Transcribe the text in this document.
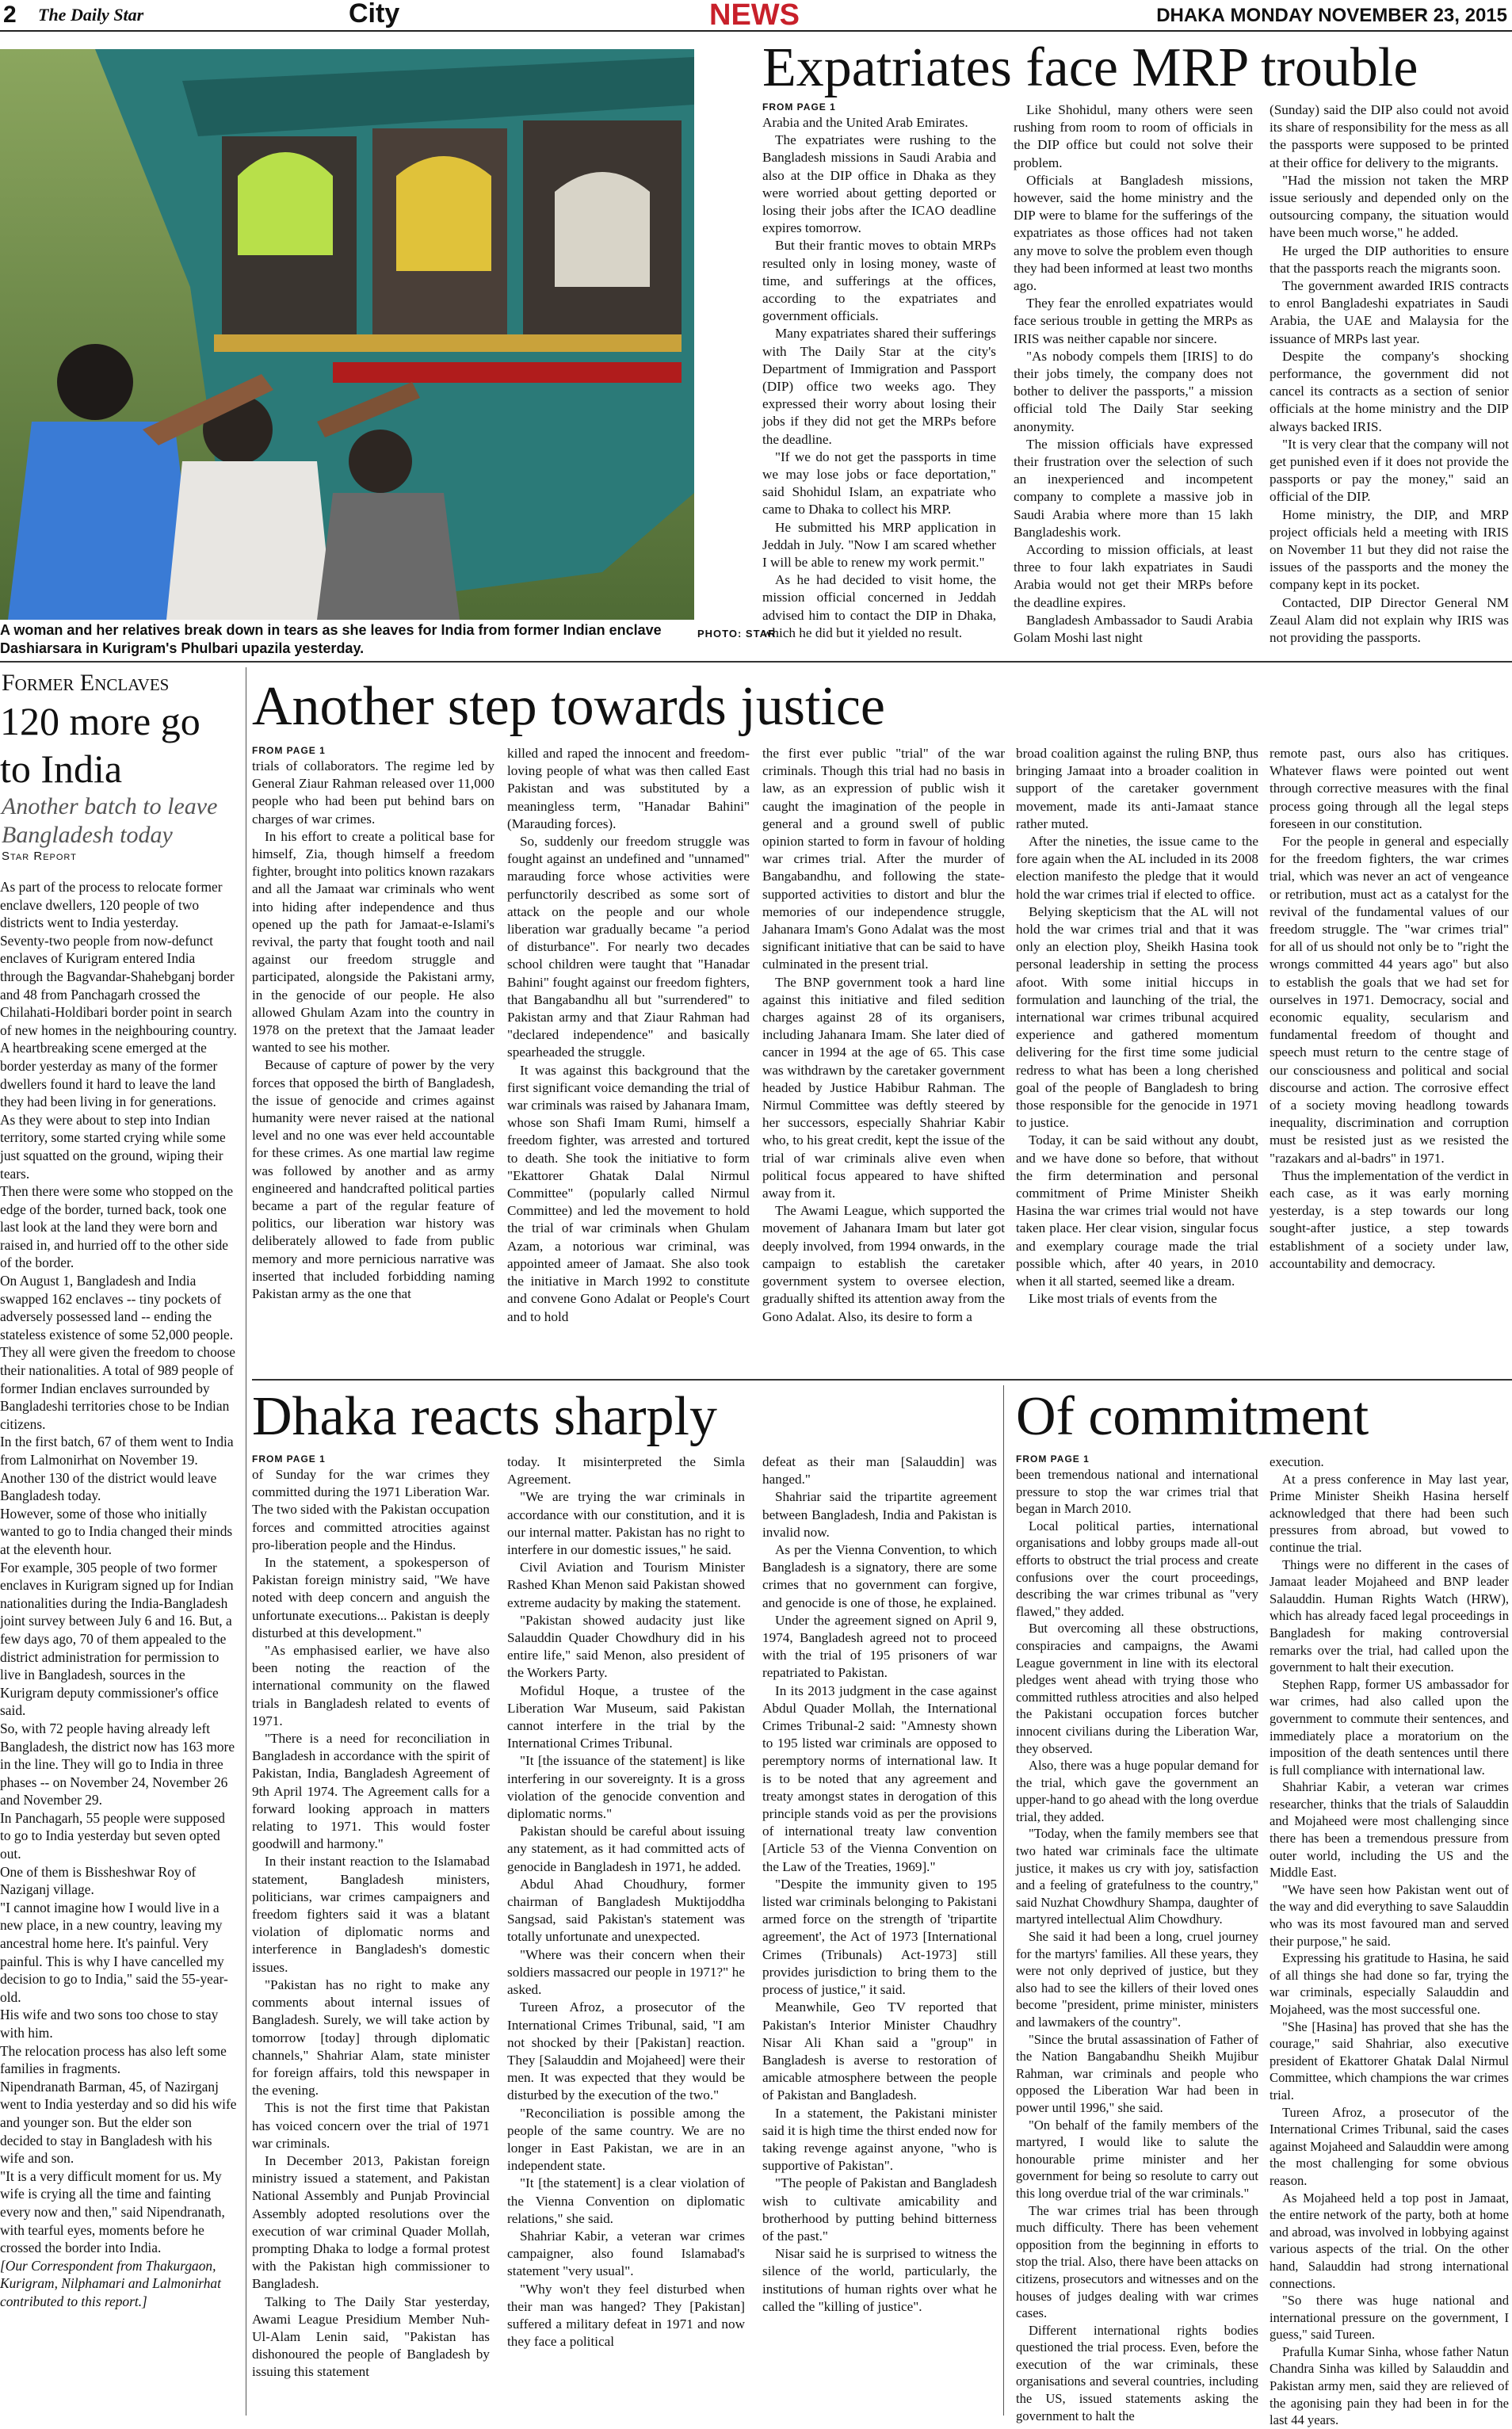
2 The Daily Star	City	NEWS	DHAKA MONDAY NOVEMBER 23, 2015
A woman and her relatives break down in tears as she leaves for India from former Indian enclave Dashiarsara in Kurigram's Phulbari upazila yesterday.
PHOTO: STAR
Expatriates face MRP trouble
FROM PAGE 1

Arabia and the United Arab Emirates.

The expatriates were rushing to the Bangladesh missions in Saudi Arabia and also at the DIP office in Dhaka as they were worried about getting deported or losing their jobs after the ICAO deadline expires tomorrow.

But their frantic moves to obtain MRPs resulted only in losing money, waste of time, and sufferings at the offices, according to the expatriates and government officials.

Many expatriates shared their sufferings with The Daily Star at the city's Department of Immigration and Passport (DIP) office two weeks ago. They expressed their worry about losing their jobs if they did not get the MRPs before the deadline.

"If we do not get the passports in time we may lose jobs or face deportation," said Shohidul Islam, an expatriate who came to Dhaka to collect his MRP.

He submitted his MRP application in Jeddah in July. "Now I am scared whether I will be able to renew my work permit."

As he had decided to visit home, the mission official concerned in Jeddah advised him to contact the DIP in Dhaka, which he did but it yielded no result.

Like Shohidul, many others were seen rushing from room to room of officials in the DIP office but could not solve their problem.

Officials at Bangladesh missions, however, said the home ministry and the DIP were to blame for the sufferings of the expatriates as those offices had not taken any move to solve the problem even though they had been informed at least two months ago.

They fear the enrolled expatriates would face serious trouble in getting the MRPs as IRIS was neither capable nor sincere.

"As nobody compels them [IRIS] to do their jobs timely, the company does not bother to deliver the passports," a mission official told The Daily Star seeking anonymity.

The mission officials have expressed their frustration over the selection of such an inexperienced and incompetent company to complete a massive job in Saudi Arabia where more than 15 lakh Bangladeshis work.

According to mission officials, at least three to four lakh expatriates in Saudi Arabia would not get their MRPs before the deadline expires.

Bangladesh Ambassador to Saudi Arabia Golam Moshi last night

(Sunday) said the DIP also could not avoid its share of responsibility for the mess as all the passports were supposed to be printed at their office for delivery to the migrants.

"Had the mission not taken the MRP issue seriously and depended only on the outsourcing company, the situation would have been much worse," he added.

He urged the DIP authorities to ensure that the passports reach the migrants soon.

The government awarded IRIS contracts to enrol Bangladeshi expatriates in Saudi Arabia, the UAE and Malaysia for the issuance of MRPs last year.

Despite the company's shocking performance, the government did not cancel its contracts as a section of senior officials at the home ministry and the DIP always backed IRIS.

"It is very clear that the company will not get punished even if it does not provide the passports or pay the money," said an official of the DIP.

Home ministry, the DIP, and MRP project officials held a meeting with IRIS on November 11 but they did not raise the issues of the passports and the money the company kept in its pocket.

Contacted, DIP Director General NM Zeaul Alam did not explain why IRIS was not providing the passports.

Former Enclaves
120 more go to India
Another batch to leave Bangladesh today
Star Report

As part of the process to relocate former enclave dwellers, 120 people of two districts went to India yesterday.

Seventy-two people from now-defunct enclaves of Kurigram entered India through the Bagvandar-Shahebganj border and 48 from Panchagarh crossed the Chilahati-Holdibari border point in search of new homes in the neighbouring country.

A heartbreaking scene emerged at the border yesterday as many of the former dwellers found it hard to leave the land they had been living in for generations.

As they were about to step into Indian territory, some started crying while some just squatted on the ground, wiping their tears.

Then there were some who stopped on the edge of the border, turned back, took one last look at the land they were born and raised in, and hurried off to the other side of the border.

On August 1, Bangladesh and India swapped 162 enclaves -- tiny pockets of adversely possessed land -- ending the stateless existence of some 52,000 people. They all were given the freedom to choose their nationalities. A total of 989 people of former Indian enclaves surrounded by Bangladeshi territories chose to be Indian citizens.

In the first batch, 67 of them went to India from Lalmonirhat on November 19. Another 130 of the district would leave Bangladesh today.

However, some of those who initially wanted to go to India changed their minds at the eleventh hour.

For example, 305 people of two former enclaves in Kurigram signed up for Indian nationalities during the India-Bangladesh joint survey between July 6 and 16. But, a few days ago, 70 of them appealed to the district administration for permission to live in Bangladesh, sources in the Kurigram deputy commissioner's office said.

So, with 72 people having already left Bangladesh, the district now has 163 more in the line. They will go to India in three phases -- on November 24, November 26 and November 29.

In Panchagarh, 55 people were supposed to go to India yesterday but seven opted out.

One of them is Bissheshwar Roy of Naziganj village.

"I cannot imagine how I would live in a new place, in a new country, leaving my ancestral home here. It's painful. Very painful. This is why I have cancelled my decision to go to India," said the 55-year-old.

His wife and two sons too chose to stay with him.

The relocation process has also left some families in fragments.

Nipendranath Barman, 45, of Nazirganj went to India yesterday and so did his wife and younger son. But the elder son decided to stay in Bangladesh with his wife and son.

"It is a very difficult moment for us. My wife is crying all the time and fainting every now and then," said Nipendranath, with tearful eyes, moments before he crossed the border into India.

[Our Correspondent from Thakurgaon, Kurigram, Nilphamari and Lalmonirhat contributed to this report.]

Another step towards justice
FROM PAGE 1

trials of collaborators. The regime led by General Ziaur Rahman released over 11,000 people who had been put behind bars on charges of war crimes.

In his effort to create a political base for himself, Zia, though himself a freedom fighter, brought into politics known razakars and all the Jamaat war criminals who went into hiding after independence and thus opened up the path for Jamaat-e-Islami's revival, the party that fought tooth and nail against our freedom struggle and participated, alongside the Pakistani army, in the genocide of our people. He also allowed Ghulam Azam into the country in 1978 on the pretext that the Jamaat leader wanted to see his mother.

Because of capture of power by the very forces that opposed the birth of Bangladesh, the issue of genocide and crimes against humanity were never raised at the national level and no one was ever held accountable for these crimes. As one martial law regime was followed by another and as army engineered and handcrafted political parties became a part of the regular feature of politics, our liberation war history was deliberately allowed to fade from public memory and more pernicious narrative was inserted that included forbidding naming Pakistan army as the one that

killed and raped the innocent and freedom-loving people of what was then called East Pakistan and was substituted by a meaningless term, "Hanadar Bahini" (Marauding forces).

So, suddenly our freedom struggle was fought against an undefined and "unnamed" marauding force whose activities were perfunctorily described as some sort of attack on the people and our whole liberation war gradually became "a period of disturbance". For nearly two decades school children were taught that "Hanadar Bahini" fought against our freedom fighters, that Bangabandhu all but "surrendered" to Pakistan army and that Ziaur Rahman had "declared independence" and basically spearheaded the struggle.

It was against this background that the first significant voice demanding the trial of war criminals was raised by Jahanara Imam, whose son Shafi Imam Rumi, himself a freedom fighter, was arrested and tortured to death. She took the initiative to form "Ekattorer Ghatak Dalal Nirmul Committee" (popularly called Nirmul Committee) and led the movement to hold the trial of war criminals when Ghulam Azam, a notorious war criminal, was appointed ameer of Jamaat. She also took the initiative in March 1992 to constitute and convene Gono Adalat or People's Court and to hold

the first ever public "trial" of the war criminals. Though this trial had no basis in law, as an expression of public wish it caught the imagination of the people in general and a ground swell of public opinion started to form in favour of holding war crimes trial. After the murder of Bangabandhu, and following the state-supported activities to distort and blur the memories of our independence struggle, Jahanara Imam's Gono Adalat was the most significant initiative that can be said to have culminated in the present trial.

The BNP government took a hard line against this initiative and filed sedition charges against 28 of its organisers, including Jahanara Imam. She later died of cancer in 1994 at the age of 65. This case was withdrawn by the caretaker government headed by Justice Habibur Rahman. The Nirmul Committee was deftly steered by her successors, especially Shahriar Kabir who, to his great credit, kept the issue of the trial of war criminals alive even when political focus appeared to have shifted away from it.

The Awami League, which supported the movement of Jahanara Imam but later got deeply involved, from 1994 onwards, in the campaign to establish the caretaker government system to oversee election, gradually shifted its attention away from the Gono Adalat. Also, its desire to form a

broad coalition against the ruling BNP, thus bringing Jamaat into a broader coalition in support of the caretaker government movement, made its anti-Jamaat stance rather muted.

After the nineties, the issue came to the fore again when the AL included in its 2008 election manifesto the pledge that it would hold the war crimes trial if elected to office.

Belying skepticism that the AL will not hold the war crimes trial and that it was only an election ploy, Sheikh Hasina took personal leadership in setting the process afoot. With some initial hiccups in formulation and launching of the trial, the international war crimes tribunal acquired experience and gathered momentum delivering for the first time some judicial redress to what has been a long cherished goal of the people of Bangladesh to bring those responsible for the genocide in 1971 to justice.

Today, it can be said without any doubt, and we have done so before, that without the firm determination and personal commitment of Prime Minister Sheikh Hasina the war crimes trial would not have taken place. Her clear vision, singular focus and exemplary courage made the trial possible which, after 40 years, in 2010 when it all started, seemed like a dream.

Like most trials of events from the

remote past, ours also has critiques. Whatever flaws were pointed out went through corrective measures with the final process going through all the legal steps foreseen in our constitution.

For the people in general and especially for the freedom fighters, the war crimes trial, which was never an act of vengeance or retribution, must act as a catalyst for the revival of the fundamental values of our freedom struggle. The "war crimes trial" for all of us should not only be to "right the wrongs committed 44 years ago" but also to establish the goals that we had set for ourselves in 1971. Democracy, social and economic equality, secularism and fundamental freedom of thought and speech must return to the centre stage of our consciousness and political and social discourse and action. The corrosive effect of a society moving headlong towards inequality, discrimination and corruption must be resisted just as we resisted the "razakars and al-badrs" in 1971.

Thus the implementation of the verdict in each case, as it was early morning yesterday, is a step towards our long sought-after justice, a step towards establishment of a society under law, accountability and democracy.

Dhaka reacts sharply
FROM PAGE 1

of Sunday for the war crimes they committed during the 1971 Liberation War. The two sided with the Pakistan occupation forces and committed atrocities against pro-liberation people and the Hindus.

In the statement, a spokesperson of Pakistan foreign ministry said, "We have noted with deep concern and anguish the unfortunate executions... Pakistan is deeply disturbed at this development."

"As emphasised earlier, we have also been noting the reaction of the international community on the flawed trials in Bangladesh related to events of 1971.

"There is a need for reconciliation in Bangladesh in accordance with the spirit of Pakistan, India, Bangladesh Agreement of 9th April 1974. The Agreement calls for a forward looking approach in matters relating to 1971. This would foster goodwill and harmony."

In their instant reaction to the Islamabad statement, Bangladesh ministers, politicians, war crimes campaigners and freedom fighters said it was a blatant violation of diplomatic norms and interference in Bangladesh's domestic issues.

"Pakistan has no right to make any comments about internal issues of Bangladesh. Surely, we will take action by tomorrow [today] through diplomatic channels," Shahriar Alam, state minister for foreign affairs, told this newspaper in the evening.

This is not the first time that Pakistan has voiced concern over the trial of 1971 war criminals.

In December 2013, Pakistan foreign ministry issued a statement, and Pakistan National Assembly and Punjab Provincial Assembly adopted resolutions over the execution of war criminal Quader Mollah, prompting Dhaka to lodge a formal protest with the Pakistan high commissioner to Bangladesh.

Talking to The Daily Star yesterday, Awami League Presidium Member Nuh-Ul-Alam Lenin said, "Pakistan has dishonoured the people of Bangladesh by issuing this statement

today. It misinterpreted the Simla Agreement.

"We are trying the war criminals in accordance with our constitution, and it is our internal matter. Pakistan has no right to interfere in our domestic issues," he said.

Civil Aviation and Tourism Minister Rashed Khan Menon said Pakistan showed extreme audacity by making the statement.

"Pakistan showed audacity just like Salauddin Quader Chowdhury did in his entire life," said Menon, also president of the Workers Party.

Mofidul Hoque, a trustee of the Liberation War Museum, said Pakistan cannot interfere in the trial by the International Crimes Tribunal.

"It [the issuance of the statement] is like interfering in our sovereignty. It is a gross violation of the genocide convention and diplomatic norms."

Pakistan should be careful about issuing any statement, as it had committed acts of genocide in Bangladesh in 1971, he added.

Abdul Ahad Choudhury, former chairman of Bangladesh Muktijoddha Sangsad, said Pakistan's statement was totally unfortunate and unexpected.

"Where was their concern when their soldiers massacred our people in 1971?" he asked.

Tureen Afroz, a prosecutor of the International Crimes Tribunal, said, "I am not shocked by their [Pakistan] reaction. They [Salauddin and Mojaheed] were their men. It was expected that they would be disturbed by the execution of the two."

"Reconciliation is possible among the people of the same country. We are no longer in East Pakistan, we are in an independent state.

"It [the statement] is a clear violation of the Vienna Convention on diplomatic relations," she said.

Shahriar Kabir, a veteran war crimes campaigner, also found Islamabad's statement "very usual".

"Why won't they feel disturbed when their man was hanged? They [Pakistan] suffered a military defeat in 1971 and now they face a political

defeat as their man [Salauddin] was hanged."

Shahriar said the tripartite agreement between Bangladesh, India and Pakistan is invalid now.

As per the Vienna Convention, to which Bangladesh is a signatory, there are some crimes that no government can forgive, and genocide is one of those, he explained.

Under the agreement signed on April 9, 1974, Bangladesh agreed not to proceed with the trial of 195 prisoners of war repatriated to Pakistan.

In its 2013 judgment in the case against Abdul Quader Mollah, the International Crimes Tribunal-2 said: "Amnesty shown to 195 listed war criminals are opposed to peremptory norms of international law. It is to be noted that any agreement and treaty amongst states in derogation of this principle stands void as per the provisions of international treaty law convention [Article 53 of the Vienna Convention on the Law of the Treaties, 1969]."

"Despite the immunity given to 195 listed war criminals belonging to Pakistani armed force on the strength of 'tripartite agreement', the Act of 1973 [International Crimes (Tribunals) Act-1973] still provides jurisdiction to bring them to the process of justice," it said.

Meanwhile, Geo TV reported that Pakistan's Interior Minister Chaudhry Nisar Ali Khan said a "group" in Bangladesh is averse to restoration of amicable atmosphere between the people of Pakistan and Bangladesh.

In a statement, the Pakistani minister said it is high time the thirst ended now for taking revenge against anyone, "who is supportive of Pakistan".

"The people of Pakistan and Bangladesh wish to cultivate amicability and brotherhood by putting behind bitterness of the past."

Nisar said he is surprised to witness the silence of the world, particularly, the institutions of human rights over what he called the "killing of justice".

Of commitment
FROM PAGE 1

been tremendous national and international pressure to stop the war crimes trial that began in March 2010.

Local political parties, international organisations and lobby groups made all-out efforts to obstruct the trial process and create confusions over the court proceedings, describing the war crimes tribunal as "very flawed," they added.

But overcoming all these obstructions, conspiracies and campaigns, the Awami League government in line with its electoral pledges went ahead with trying those who committed ruthless atrocities and also helped the Pakistani occupation forces butcher innocent civilians during the Liberation War, they observed.

Also, there was a huge popular demand for the trial, which gave the government an upper-hand to go ahead with the long overdue trial, they added.

"Today, when the family members see that two hated war criminals face the ultimate justice, it makes us cry with joy, satisfaction and a feeling of gratefulness to the country," said Nuzhat Chowdhury Shampa, daughter of martyred intellectual Alim Chowdhury.

She said it had been a long, cruel journey for the martyrs' families. All these years, they were not only deprived of justice, but they also had to see the killers of their loved ones become "president, prime minister, ministers and lawmakers of the country".

"Since the brutal assassination of Father of the Nation Bangabandhu Sheikh Mujibur Rahman, war criminals and people who opposed the Liberation War had been in power until 1996," she said.

"On behalf of the family members of the martyred, I would like to salute the honourable prime minister and her government for being so resolute to carry out this long overdue trial of the war criminals."

The war crimes trial has been through much difficulty. There has been vehement opposition from the beginning in efforts to stop the trial. Also, there have been attacks on citizens, prosecutors and witnesses and on the houses of judges dealing with war crimes cases.

Different international rights bodies questioned the trial process. Even, before the execution of the war criminals, these organisations and several countries, including the US, issued statements asking the government to halt the

execution.

At a press conference in May last year, Prime Minister Sheikh Hasina herself acknowledged that there had been such pressures from abroad, but vowed to continue the trial.

Things were no different in the cases of Jamaat leader Mojaheed and BNP leader Salauddin. Human Rights Watch (HRW), which has already faced legal proceedings in Bangladesh for making controversial remarks over the trial, had called upon the government to halt their execution.

Stephen Rapp, former US ambassador for war crimes, had also called upon the government to commute their sentences, and immediately place a moratorium on the imposition of the death sentences until there is full compliance with international law.

Shahriar Kabir, a veteran war crimes researcher, thinks that the trials of Salauddin and Mojaheed were most challenging since there has been a tremendous pressure from outer world, including the US and the Middle East.

"We have seen how Pakistan went out of the way and did everything to save Salauddin who was its most favoured man and served their purpose," he said.

Expressing his gratitude to Hasina, he said of all things she had done so far, trying the war criminals, especially Salauddin and Mojaheed, was the most successful one.

"She [Hasina] has proved that she has the courage," said Shahriar, also executive president of Ekattorer Ghatak Dalal Nirmul Committee, which champions the war crimes trial.

Tureen Afroz, a prosecutor of the International Crimes Tribunal, said the cases against Mojaheed and Salauddin were among the most challenging for some obvious reason.

As Mojaheed held a top post in Jamaat, the entire network of the party, both at home and abroad, was involved in lobbying against various aspects of the trial. On the other hand, Salauddin had strong international connections.

"So there was huge national and international pressure on the government, I guess," said Tureen.

Prafulla Kumar Sinha, whose father Natun Chandra Sinha was killed by Salauddin and Pakistan army men, said they are relieved of the agonising pain they had been in for the last 44 years.
